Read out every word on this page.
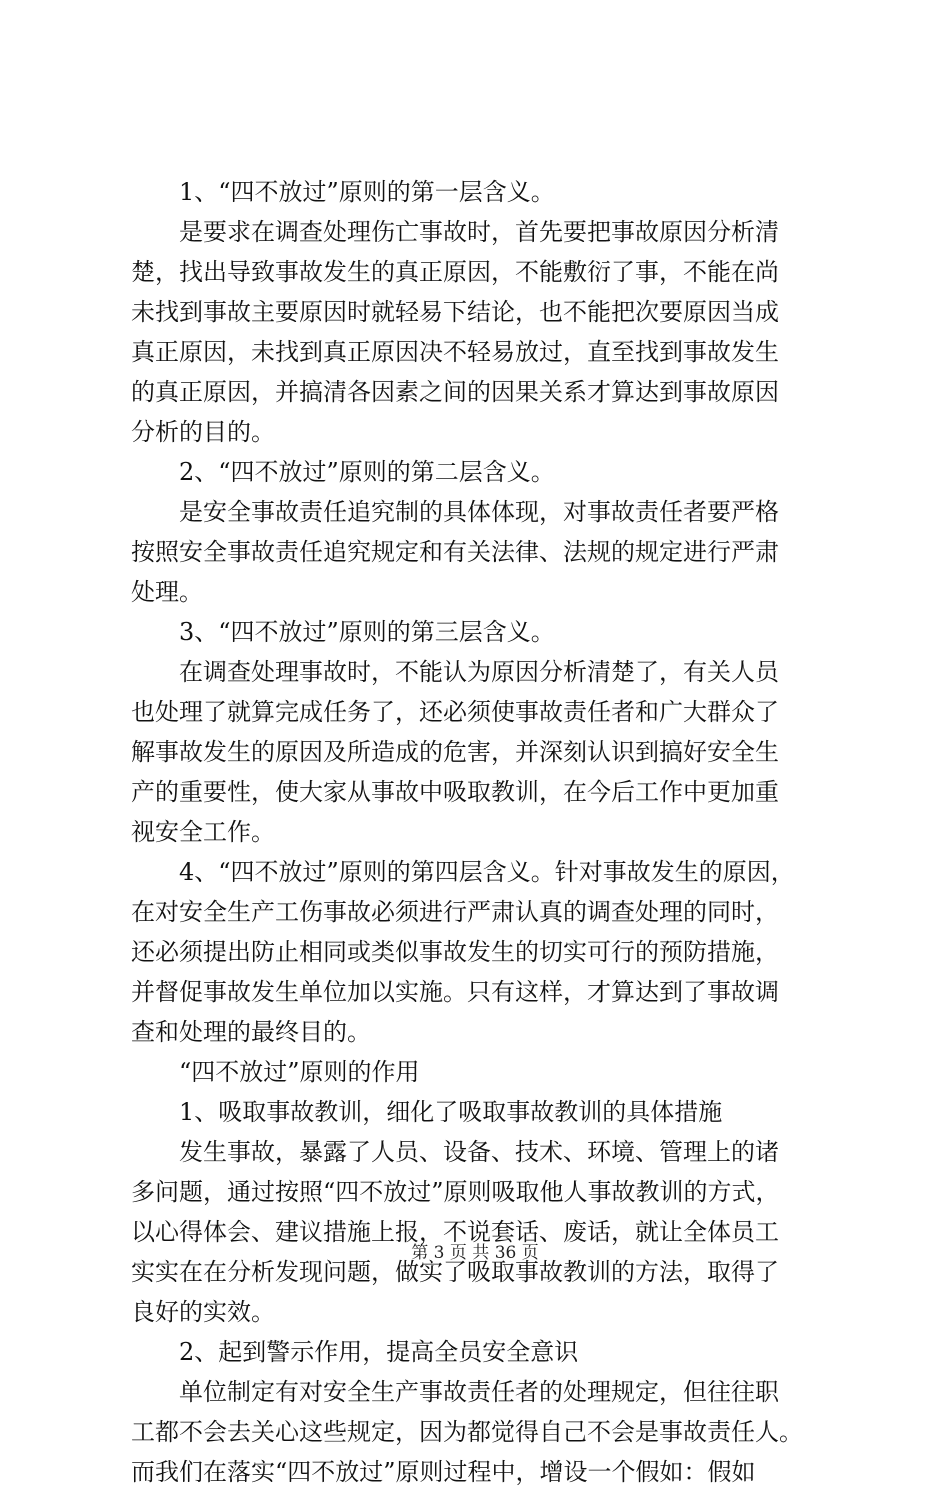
1、“四不放过”原则的第一层含义。
是要求在调查处理伤亡事故时，首先要把事故原因分析清
楚，找出导致事故发生的真正原因，不能敷衍了事，不能在尚
未找到事故主要原因时就轻易下结论，也不能把次要原因当成
真正原因，未找到真正原因决不轻易放过，直至找到事故发生
的真正原因，并搞清各因素之间的因果关系才算达到事故原因
分析的目的。
2、“四不放过”原则的第二层含义。
是安全事故责任追究制的具体体现，对事故责任者要严格
按照安全事故责任追究规定和有关法律、法规的规定进行严肃
处理。
3、“四不放过”原则的第三层含义。
在调查处理事故时，不能认为原因分析清楚了，有关人员
也处理了就算完成任务了，还必须使事故责任者和广大群众了
解事故发生的原因及所造成的危害，并深刻认识到搞好安全生
产的重要性，使大家从事故中吸取教训，在今后工作中更加重
视安全工作。
4、“四不放过”原则的第四层含义。针对事故发生的原因，
在对安全生产工伤事故必须进行严肃认真的调查处理的同时，
还必须提出防止相同或类似事故发生的切实可行的预防措施，
并督促事故发生单位加以实施。只有这样，才算达到了事故调
查和处理的最终目的。
“四不放过”原则的作用
1、吸取事故教训，细化了吸取事故教训的具体措施
发生事故，暴露了人员、设备、技术、环境、管理上的诸
多问题，通过按照“四不放过”原则吸取他人事故教训的方式，
以心得体会、建议措施上报，不说套话、废话，就让全体员工
实实在在分析发现问题，做实了吸取事故教训的方法，取得了
良好的实效。
2、起到警示作用，提高全员安全意识
单位制定有对安全生产事故责任者的处理规定，但往往职
工都不会去关心这些规定，因为都觉得自己不会是事故责任人。
而我们在落实“四不放过”原则过程中，增设一个假如：假如
第 3 页 共 36 页
